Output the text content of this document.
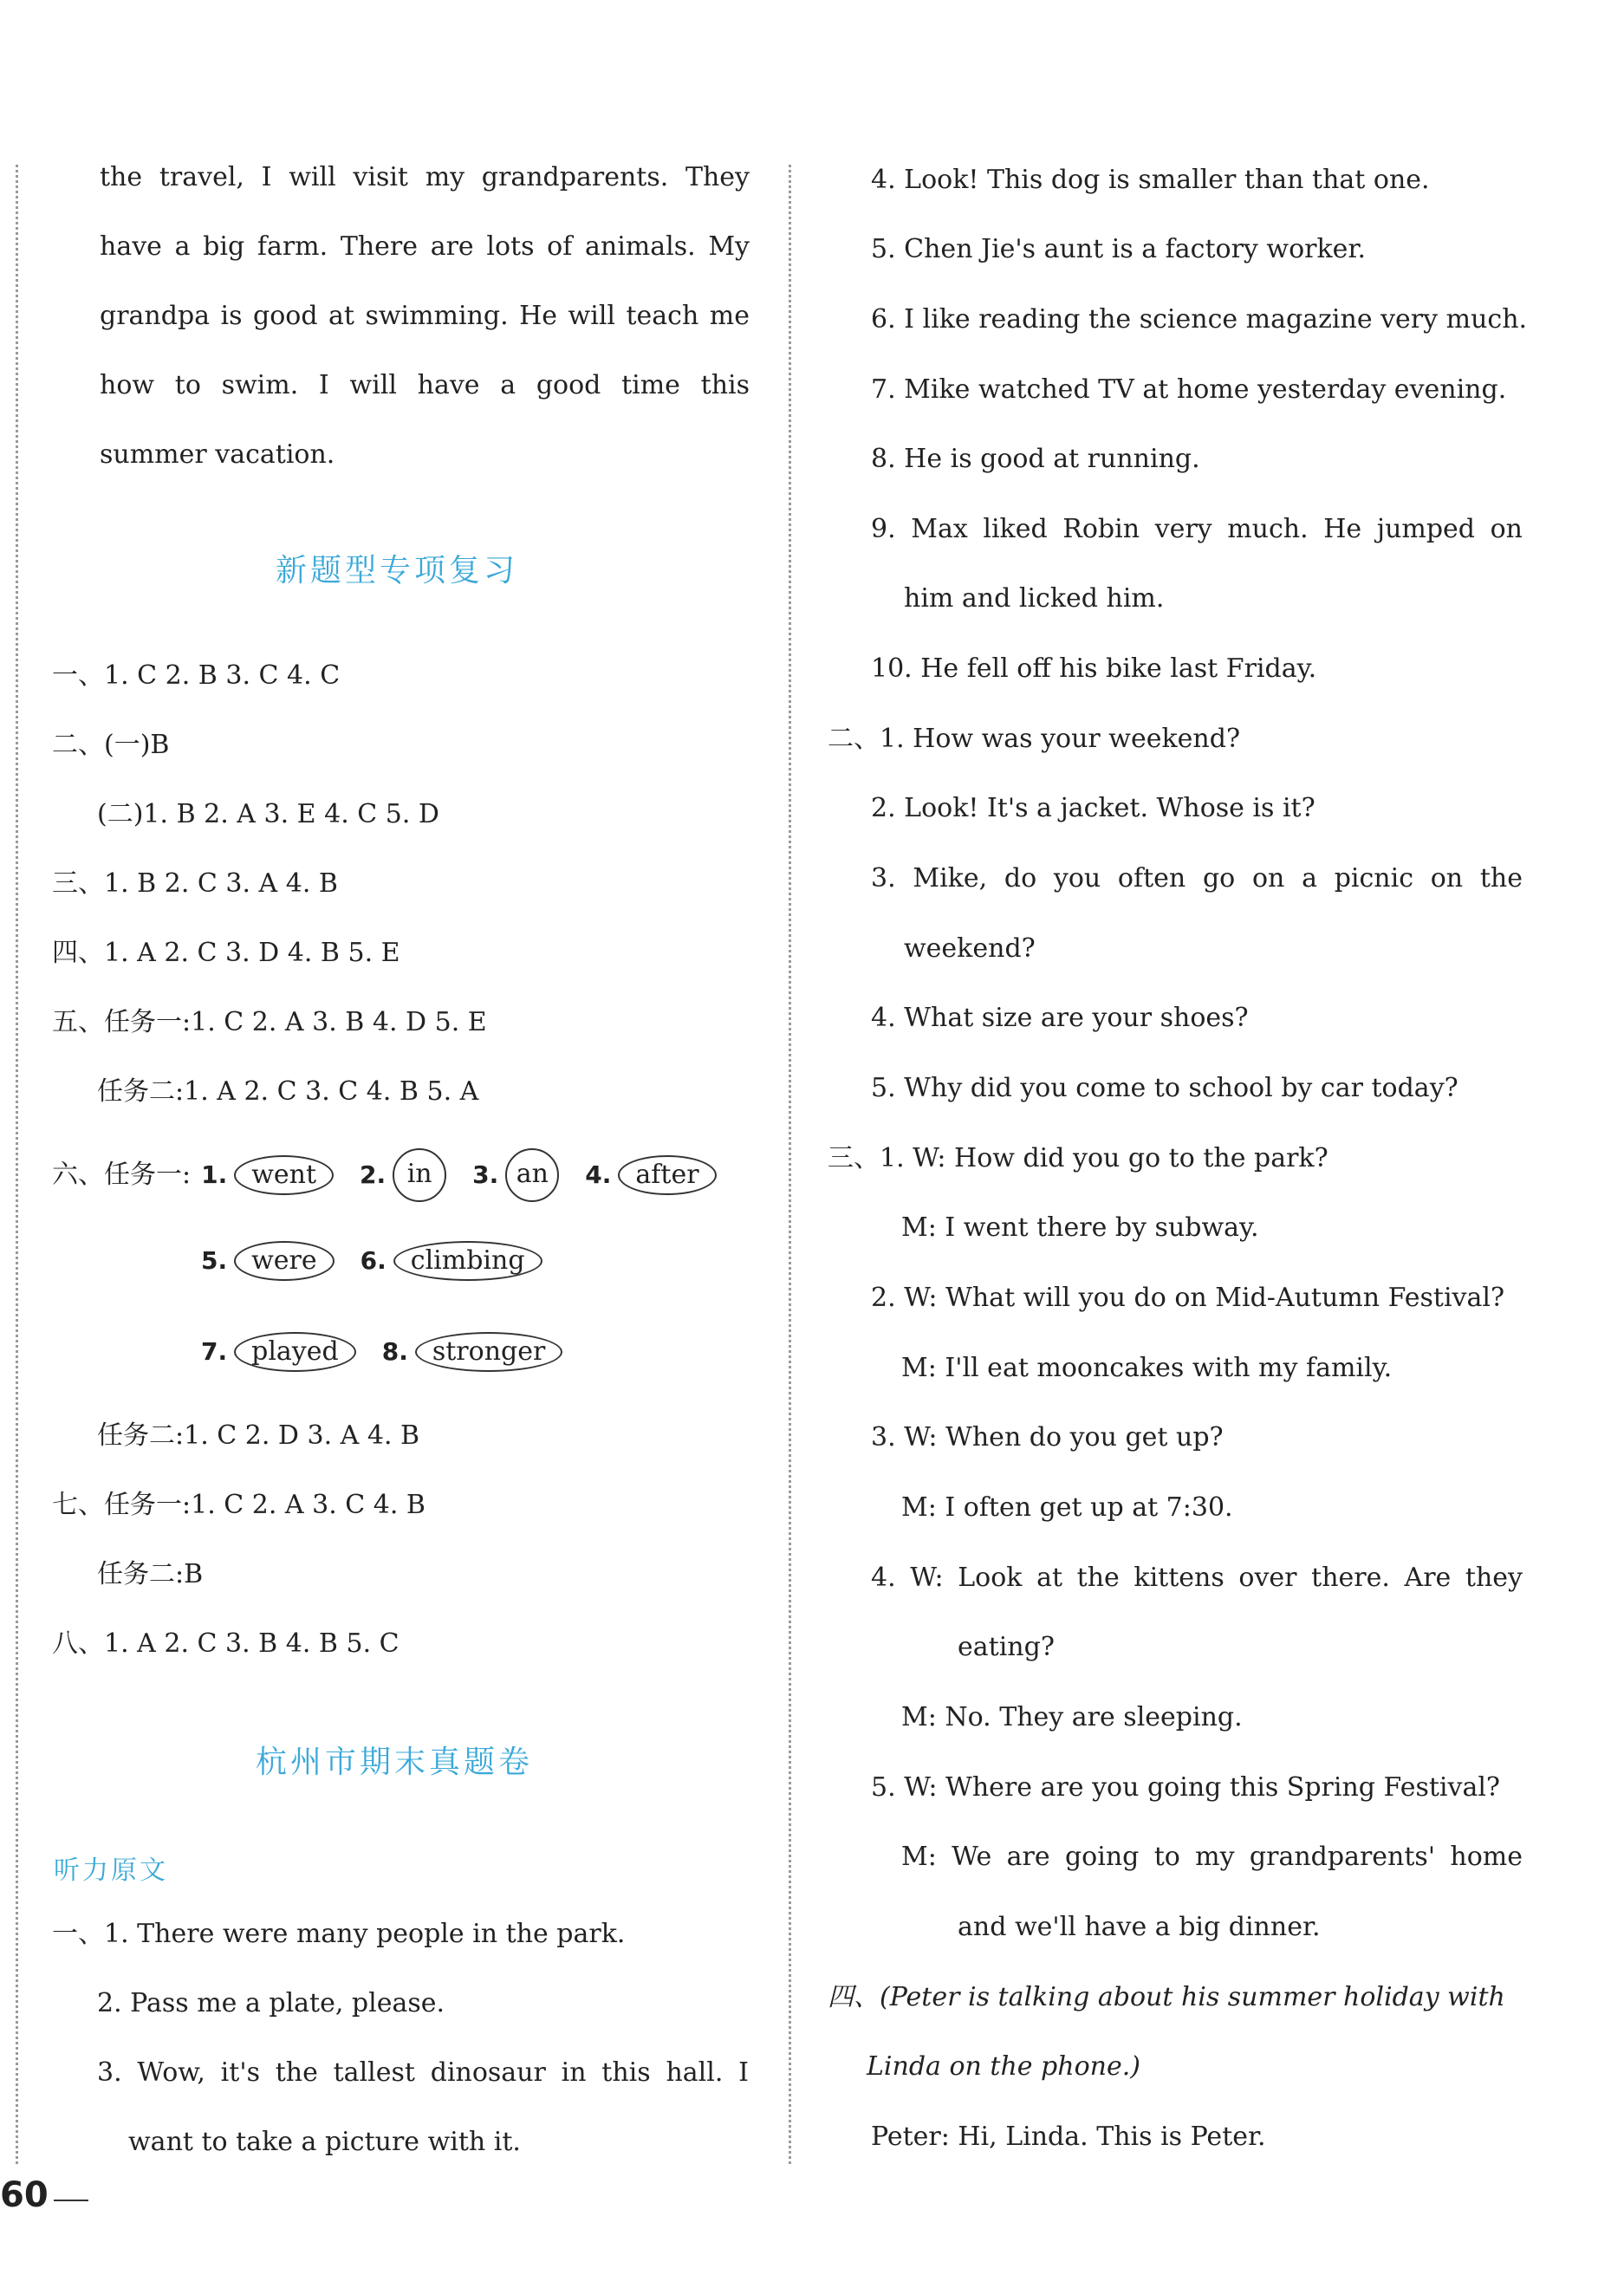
the travel, I will visit my grandparents. They
have a big farm. There are lots of animals. My
grandpa is good at swimming. He will teach me
how to swim. I will have a good time this
summer vacation.
新题型专项复习
一、1. C 2. B 3. C 4. C
二、(一)B
(二)1. B 2. A 3. E 4. C 5. D
三、1. B 2. C 3. A 4. B
四、1. A 2. C 3. D 4. B 5. E
五、任务一:1. C 2. A 3. B 4. D 5. E
任务二:1. A 2. C 3. C 4. B 5. A
六、任务一: 1. went	2. in	3. an	4. after
5. were	6. climbing
7. played	8. stronger
任务二:1. C 2. D 3. A 4. B
七、任务一:1. C 2. A 3. C 4. B
任务二:B
八、1. A 2. C 3. B 4. B 5. C
杭州市期末真题卷
听力原文
一、1. There were many people in the park.
2. Pass me a plate, please.
3. Wow, it's the tallest dinosaur in this hall. I
want to take a picture with it.
4. Look! This dog is smaller than that one.
5. Chen Jie's aunt is a factory worker.
6. I like reading the science magazine very much.
7. Mike watched TV at home yesterday evening.
8. He is good at running.
9. Max liked Robin very much. He jumped on
him and licked him.
10. He fell off his bike last Friday.
二、1. How was your weekend?
2. Look! It's a jacket. Whose is it?
3. Mike, do you often go on a picnic on the
weekend?
4. What size are your shoes?
5. Why did you come to school by car today?
三、1. W: How did you go to the park?
M: I went there by subway.
2. W: What will you do on Mid-Autumn Festival?
M: I'll eat mooncakes with my family.
3. W: When do you get up?
M: I often get up at 7:30.
4. W: Look at the kittens over there. Are they
eating?
M: No. They are sleeping.
5. W: Where are you going this Spring Festival?
M: We are going to my grandparents' home
and we'll have a big dinner.
四、(Peter is talking about his summer holiday with
Linda on the phone.)
Peter: Hi, Linda. This is Peter.
60
